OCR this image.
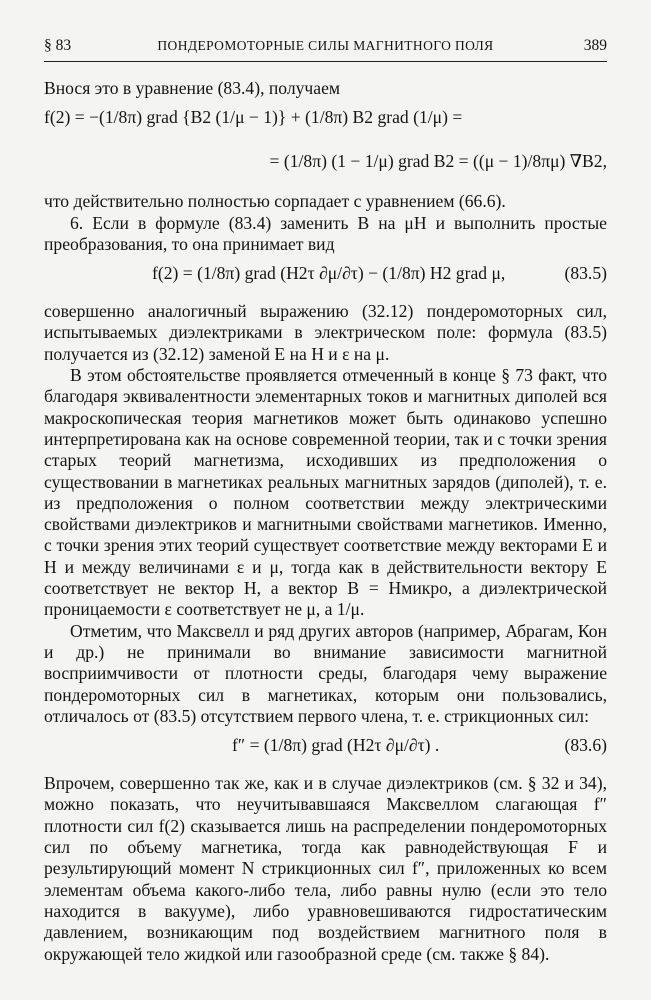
§ 83	ПОНДЕРОМОТОРНЫЕ СИЛЫ МАГНИТНОГО ПОЛЯ	389

Внося это в уравнение (83.4), получаем

f(2) = −(1/8π) grad {B2 (1/μ − 1)} + (1/8π) B2 grad (1/μ) =
= (1/8π) (1 − 1/μ) grad B2 = ((μ − 1)/8πμ) ∇B2,

что действительно полностью сорпадает с уравнением (66.6).

6. Если в формуле (83.4) заменить B на μH и выполнить простые преобразования, то она принимает вид

f(2) = (1/8π) grad (H2τ ∂μ/∂τ) − (1/8π) H2 grad μ,	(83.5)

совершенно аналогичный выражению (32.12) пондеромоторных сил, испытываемых диэлектриками в электрическом поле: формула (83.5) получается из (32.12) заменой E на H и ε на μ.

В этом обстоятельстве проявляется отмеченный в конце § 73 факт, что благодаря эквивалентности элементарных токов и магнитных диполей вся макроскопическая теория магнетиков может быть одинаково успешно интерпретирована как на основе современной теории, так и с точки зрения старых теорий магнетизма, исходивших из предположения о существовании в магнетиках реальных магнитных зарядов (диполей), т. е. из предположения о полном соответствии между электрическими свойствами диэлектриков и магнитными свойствами магнетиков. Именно, с точки зрения этих теорий существует соответствие между векторами E и H и между величинами ε и μ, тогда как в действительности вектору E соответствует не вектор H, а вектор B = Hмикро, а диэлектрической проницаемости ε соответствует не μ, а 1/μ.

Отметим, что Максвелл и ряд других авторов (например, Абрагам, Кон и др.) не принимали во внимание зависимости магнитной восприимчивости от плотности среды, благодаря чему выражение пондеромоторных сил в магнетиках, которым они пользовались, отличалось от (83.5) отсутствием первого члена, т. е. стрикционных сил:

f″ = (1/8π) grad (H2τ ∂μ/∂τ) .	(83.6)

Впрочем, совершенно так же, как и в случае диэлектриков (см. § 32 и 34), можно показать, что неучитывавшаяся Максвеллом слагающая f″ плотности сил f(2) сказывается лишь на распределении пондеромоторных сил по объему магнетика, тогда как равнодействующая F и результирующий момент N стрикционных сил f″, приложенных ко всем элементам объема какого-либо тела, либо равны нулю (если это тело находится в вакууме), либо уравновешиваются гидростатическим давлением, возникающим под воздействием магнитного поля в окружающей тело жидкой или газообразной среде (см. также § 84).
